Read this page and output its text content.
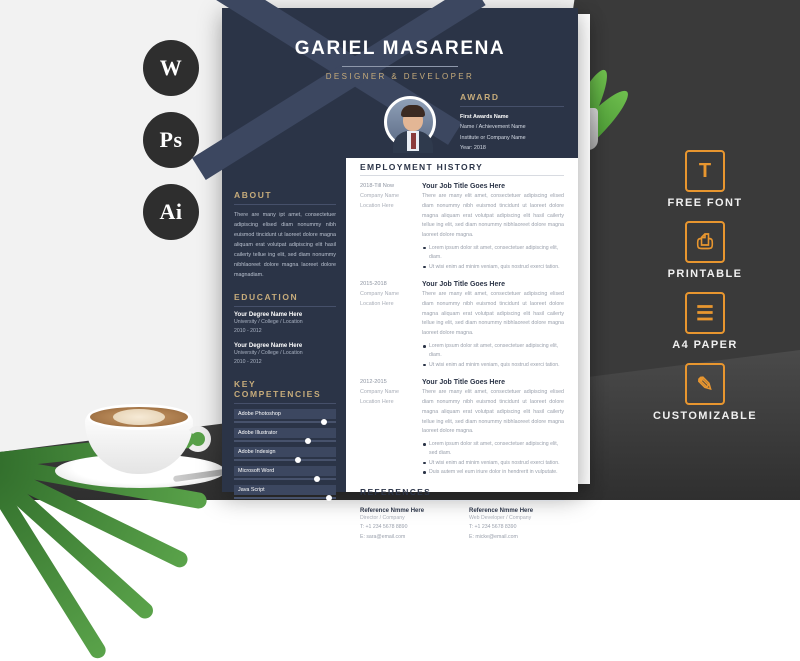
W
Ps
Ai
T
FREE FONT
⎙
PRINTABLE
☰
A4 PAPER
✎
CUSTOMIZABLE
ABOUT
There are many ipt amet, consectetuer adipiscing elised diam nonummy nibh euismod tincidunt ut laoreet dolore magna aliquam erat volutpat adipiscing elit hasil cailerty tellue ing elit, sed diam nonummy nibhlaoreet dolore magna laoreet dolore magnadiam.
EDUCATION
Your Degree Name Here
University / College / Location
2010 - 2012
Your Degree Name Here
University / College / Location
2010 - 2012
KEY COMPETENCIES
Adobe Photoshop
Adobe Illustrator
Adobe Indesign
Microsoft Word
Java Script
EMPLOYMENT HISTORY
2018-Till Now
Company Name
Location Here
Your Job Title Goes Here
There are many elit amet, consectetuer adipiscing elised diam nonummy nibh euismod tincidunt ut laoreet dolore magna aliquam erat volutpat adipiscing elit hasil cailerty tellue ing elit, sed diam nonummy nibhlaoreet dolore magna laoreet dolore magna.
Lorem ipsum dolor sit amet, consectetuer adipiscing elit, diam.
Ut wisi enim ad minim veniam, quis nostrud exerci tation.
2015-2018
Company Name
Location Here
Your Job Title Goes Here
There are many elit amet, consectetuer adipiscing elised diam nonummy nibh euismod tincidunt ut laoreet dolore magna aliquam erat volutpat adipiscing elit hasil cailerty tellue ing elit, sed diam nonummy nibhlaoreet dolore magna laoreet dolore magna.
Lorem ipsum dolor sit amet, consectetuer adipiscing elit, diam.
Ut wisi enim ad minim veniam, quis nostrud exerci tation.
2012-2015
Company Name
Location Here
Your Job Title Goes Here
There are many elit amet, consectetuer adipiscing elised diam nonummy nibh euismod tincidunt ut laoreet dolore magna aliquam erat volutpat adipiscing elit hasil cailerty tellue ing elit, sed diam nonummy nibhlaoreet dolore magna laoreet dolore magna.
Lorem ipsum dolor sit amet, consectetuer adipiscing elit, sed diam.
Ut wisi enim ad minim veniam, quis nostrud exerci tation.
Duis autem vel eum iriure dolor in hendrerit in vulputate.
REFERENCES
Reference Nmme Here
Director / Company
T: +1 234 5678 8890
E: sara@email.com
Reference Nmme Here
Web Developer / Company
T: +1 234 5678 8390
E: micke@email.com
GARIEL MASARENA
DESIGNER & DEVELOPER
AWARD
First Awards Name
Name / Achievement Name
Institute or Company Name
Year: 2018
